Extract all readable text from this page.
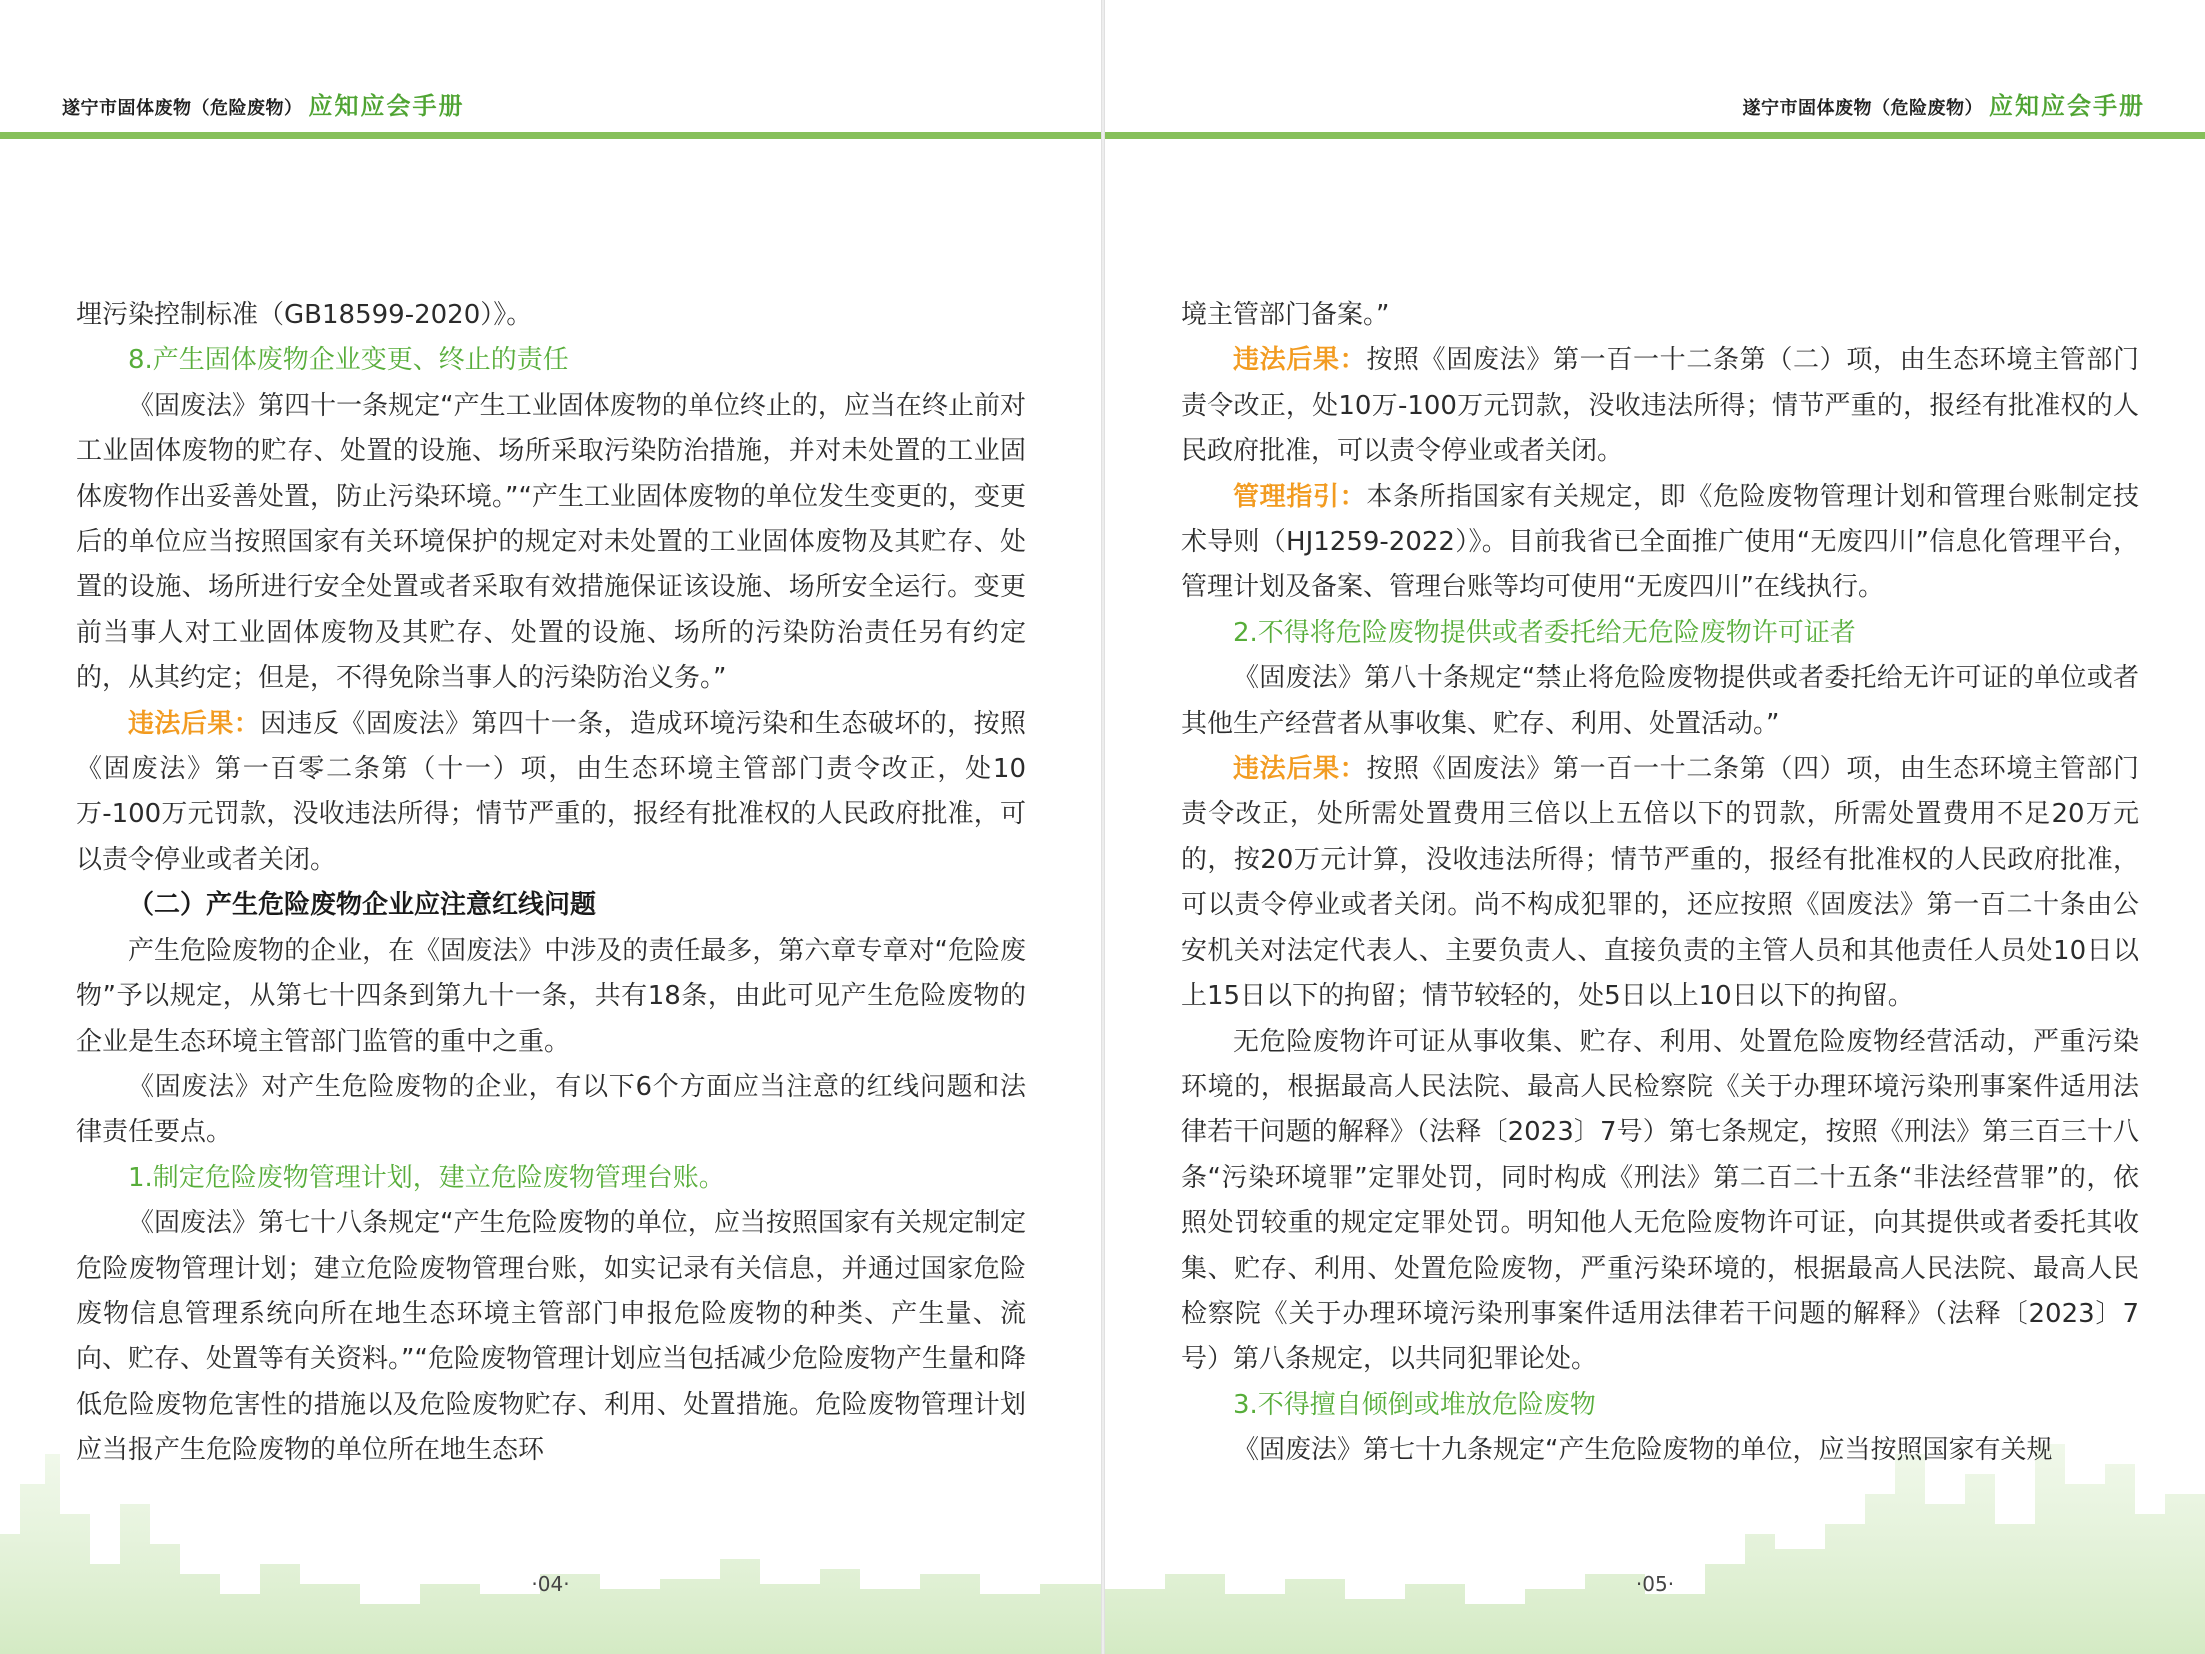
遂宁市固体废物（危险废物） 应知应会手册

埋污染控制标准（GB18599-2020）》。

8.产生固体废物企业变更、终止的责任

《固废法》第四十一条规定“产生工业固体废物的单位终止的，应当在终止前对工业固体废物的贮存、处置的设施、场所采取污染防治措施，并对未处置的工业固体废物作出妥善处置，防止污染环境。”“产生工业固体废物的单位发生变更的，变更后的单位应当按照国家有关环境保护的规定对未处置的工业固体废物及其贮存、处置的设施、场所进行安全处置或者采取有效措施保证该设施、场所安全运行。变更前当事人对工业固体废物及其贮存、处置的设施、场所的污染防治责任另有约定的，从其约定；但是，不得免除当事人的污染防治义务。”

违法后果：因违反《固废法》第四十一条，造成环境污染和生态破坏的，按照《固废法》第一百零二条第（十一）项，由生态环境主管部门责令改正，处10万-100万元罚款，没收违法所得；情节严重的，报经有批准权的人民政府批准，可以责令停业或者关闭。

（二）产生危险废物企业应注意红线问题

产生危险废物的企业，在《固废法》中涉及的责任最多，第六章专章对“危险废物”予以规定，从第七十四条到第九十一条，共有18条，由此可见产生危险废物的企业是生态环境主管部门监管的重中之重。

《固废法》对产生危险废物的企业，有以下6个方面应当注意的红线问题和法律责任要点。

1.制定危险废物管理计划，建立危险废物管理台账。

《固废法》第七十八条规定“产生危险废物的单位，应当按照国家有关规定制定危险废物管理计划；建立危险废物管理台账，如实记录有关信息，并通过国家危险废物信息管理系统向所在地生态环境主管部门申报危险废物的种类、产生量、流向、贮存、处置等有关资料。”“危险废物管理计划应当包括减少危险废物产生量和降低危险废物危害性的措施以及危险废物贮存、利用、处置措施。危险废物管理计划应当报产生危险废物的单位所在地生态环

·04·
遂宁市固体废物（危险废物） 应知应会手册

境主管部门备案。”

违法后果：按照《固废法》第一百一十二条第（二）项，由生态环境主管部门责令改正，处10万-100万元罚款，没收违法所得；情节严重的，报经有批准权的人民政府批准，可以责令停业或者关闭。

管理指引：本条所指国家有关规定，即《危险废物管理计划和管理台账制定技术导则（HJ1259-2022）》。目前我省已全面推广使用“无废四川”信息化管理平台，管理计划及备案、管理台账等均可使用“无废四川”在线执行。

2.不得将危险废物提供或者委托给无危险废物许可证者

《固废法》第八十条规定“禁止将危险废物提供或者委托给无许可证的单位或者其他生产经营者从事收集、贮存、利用、处置活动。”

违法后果：按照《固废法》第一百一十二条第（四）项，由生态环境主管部门责令改正，处所需处置费用三倍以上五倍以下的罚款，所需处置费用不足20万元的，按20万元计算，没收违法所得；情节严重的，报经有批准权的人民政府批准，可以责令停业或者关闭。尚不构成犯罪的，还应按照《固废法》第一百二十条由公安机关对法定代表人、主要负责人、直接负责的主管人员和其他责任人员处10日以上15日以下的拘留；情节较轻的，处5日以上10日以下的拘留。

无危险废物许可证从事收集、贮存、利用、处置危险废物经营活动，严重污染环境的，根据最高人民法院、最高人民检察院《关于办理环境污染刑事案件适用法律若干问题的解释》（法释〔2023〕7号）第七条规定，按照《刑法》第三百三十八条“污染环境罪”定罪处罚，同时构成《刑法》第二百二十五条“非法经营罪”的，依照处罚较重的规定定罪处罚。明知他人无危险废物许可证，向其提供或者委托其收集、贮存、利用、处置危险废物，严重污染环境的，根据最高人民法院、最高人民检察院《关于办理环境污染刑事案件适用法律若干问题的解释》（法释〔2023〕7号）第八条规定，以共同犯罪论处。

3.不得擅自倾倒或堆放危险废物

《固废法》第七十九条规定“产生危险废物的单位，应当按照国家有关规

·05·
